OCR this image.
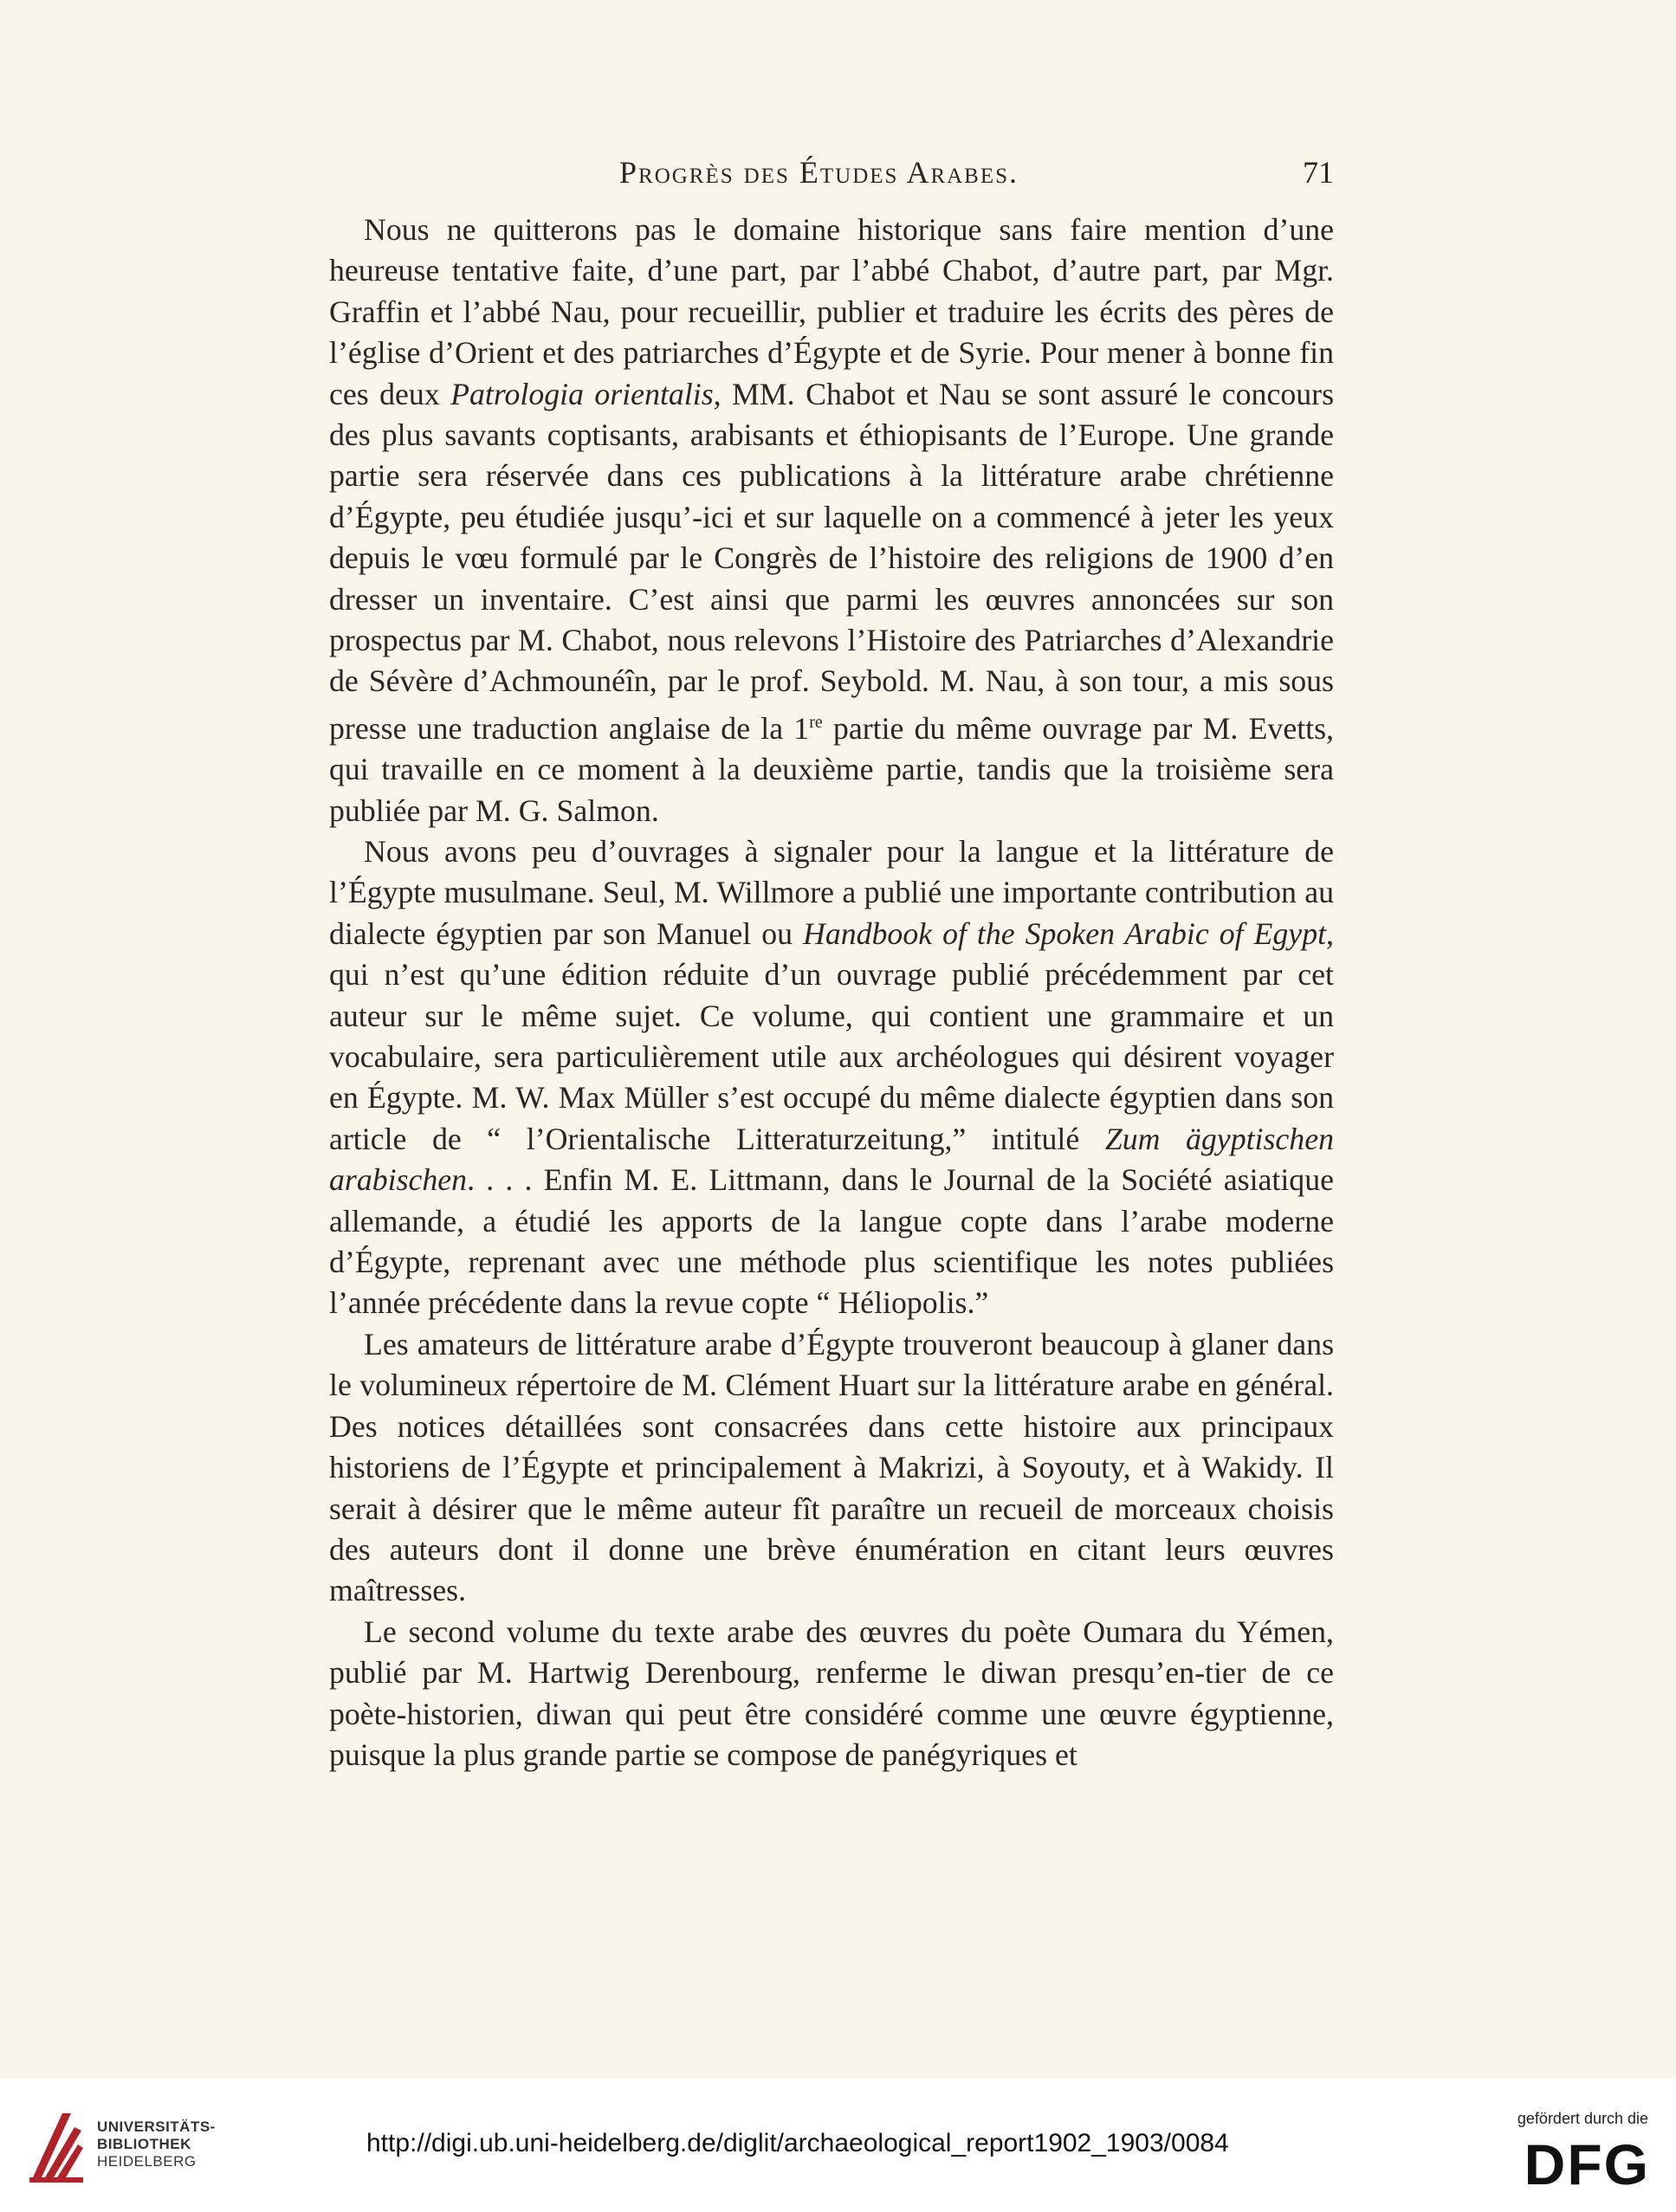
Progrès des Études Arabes.	71

Nous ne quitterons pas le domaine historique sans faire mention d’une heureuse tentative faite, d’une part, par l’abbé Chabot, d’autre part, par Mgr. Graffin et l’abbé Nau, pour recueillir, publier et traduire les écrits des pères de l’église d’Orient et des patriarches d’Égypte et de Syrie. Pour mener à bonne fin ces deux Patrologia orientalis, MM. Chabot et Nau se sont assuré le concours des plus savants coptisants, arabisants et éthiopisants de l’Europe. Une grande partie sera réservée dans ces publications à la littérature arabe chrétienne d’Égypte, peu étudiée jusqu’-ici et sur laquelle on a commencé à jeter les yeux depuis le vœu formulé par le Congrès de l’histoire des religions de 1900 d’en dresser un inventaire. C’est ainsi que parmi les œuvres annoncées sur son prospectus par M. Chabot, nous relevons l’Histoire des Patriarches d’Alexandrie de Sévère d’Achmounéîn, par le prof. Seybold. M. Nau, à son tour, a mis sous presse une traduction anglaise de la 1re partie du même ouvrage par M. Evetts, qui travaille en ce moment à la deuxième partie, tandis que la troisième sera publiée par M. G. Salmon.

Nous avons peu d’ouvrages à signaler pour la langue et la littérature de l’Égypte musulmane. Seul, M. Willmore a publié une importante contribution au dialecte égyptien par son Manuel ou Handbook of the Spoken Arabic of Egypt, qui n’est qu’une édition réduite d’un ouvrage publié précédemment par cet auteur sur le même sujet. Ce volume, qui contient une grammaire et un vocabulaire, sera particulièrement utile aux archéologues qui désirent voyager en Égypte. M. W. Max Müller s’est occupé du même dialecte égyptien dans son article de “ l’Orientalische Litteraturzeitung,” intitulé Zum ägyptischen arabischen. . . . Enfin M. E. Littmann, dans le Journal de la Société asiatique allemande, a étudié les apports de la langue copte dans l’arabe moderne d’Égypte, reprenant avec une méthode plus scientifique les notes publiées l’année précédente dans la revue copte “ Héliopolis.”

Les amateurs de littérature arabe d’Égypte trouveront beaucoup à glaner dans le volumineux répertoire de M. Clément Huart sur la littérature arabe en général. Des notices détaillées sont consacrées dans cette histoire aux principaux historiens de l’Égypte et principalement à Makrizi, à Soyouty, et à Wakidy. Il serait à désirer que le même auteur fît paraître un recueil de morceaux choisis des auteurs dont il donne une brève énumération en citant leurs œuvres maîtresses.

Le second volume du texte arabe des œuvres du poète Oumara du Yémen, publié par M. Hartwig Derenbourg, renferme le diwan presqu’en-tier de ce poète-historien, diwan qui peut être considéré comme une œuvre égyptienne, puisque la plus grande partie se compose de panégyriques et

UNIVERSITÄTS-
BIBLIOTHEK
HEIDELBERG
http://digi.ub.uni-heidelberg.de/diglit/archaeological_report1902_1903/0084
gefördert durch die
DFG
